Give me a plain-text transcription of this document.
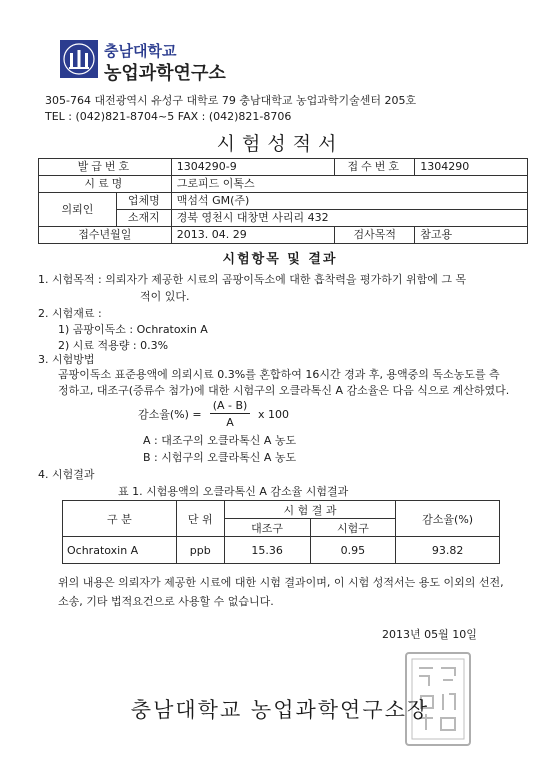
충남대학교
농업과학연구소
305-764 대전광역시 유성구 대학로 79 충남대학교 농업과학기술센터 205호
TEL : (042)821-8704~5 FAX : (042)821-8706
시험성적서
발급번호		1304290-9	접수번호	1304290
시료명		그로피드 이톡스		
의뢰인	업체명	맥섬석 GM(주)		
	소재지	경북 영천시 대창면 사리리 432		
접수년월일		2013. 04. 29	검사목적	참고용
시험항목 및 결과
1. 시험목적 : 의뢰자가 제공한 시료의 곰팡이독소에 대한 흡착력을 평가하기 위함에 그 목
적이 있다.
2. 시험재료 :
1) 곰팡이독소 : Ochratoxin A
2) 시료 적용량 : 0.3%
3. 시험방법
곰팡이독소 표준용액에 의뢰시료 0.3%를 혼합하여 16시간 경과 후, 용액중의 독소농도를 측
정하고, 대조구(증류수 첨가)에 대한 시험구의 오클라톡신 A 감소율은 다음 식으로 계산하였다.
감소율(%) = $\frac{(A - B)}{A}$ x 100
A : 대조구의 오클라톡신 A 농도
B : 시험구의 오클라톡신 A 농도
4. 시험결과
표 1. 시험용액의 오클라톡신 A 감소율 시험결과
구 분	단 위	시 험 결 과		감소율(%)
		대조구	시험구	
Ochratoxin A	ppb	15.36	0.95	93.82
위의 내용은 의뢰자가 제공한 시료에 대한 시험 결과이며, 이 시험 성적서는 용도 이외의 선전,
소송, 기타 법적요건으로 사용할 수 없습니다.
2013년 05월 10일
충남대학교 농업과학연구소장
